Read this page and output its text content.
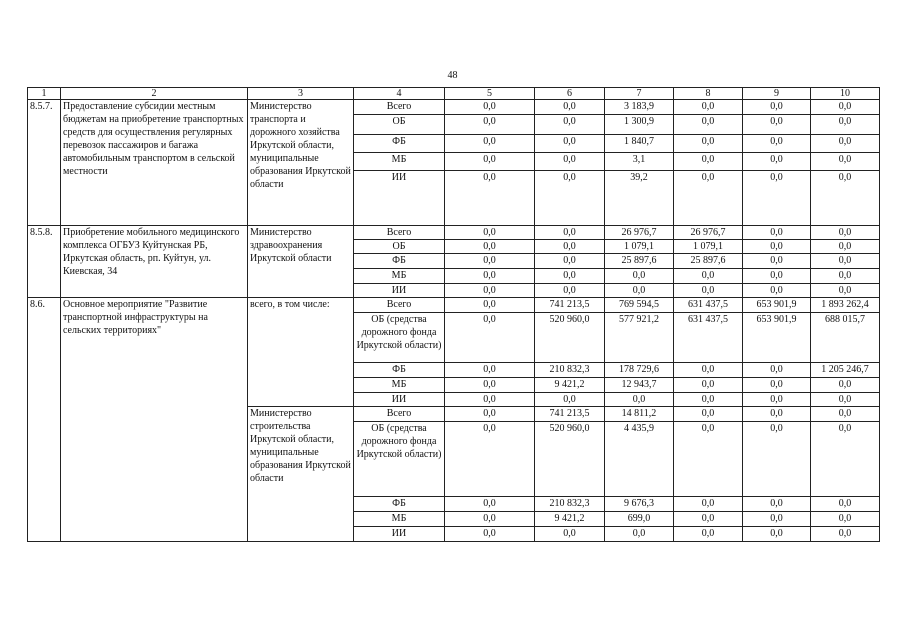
48
1	2	3	4	5	6	7	8	9	10
8.5.7.	Предоставление субсидии местным бюджетам на приобретение транспортных средств для осуществления регулярных перевозок пассажиров и багажа автомобильным транспортом в сельской местности	Министерство транспорта и дорожного хозяйства Иркутской области, муниципальные образования Иркутской области	Всего	0,0	0,0	3 183,9	0,0	0,0	0,0
			ОБ	0,0	0,0	1 300,9	0,0	0,0	0,0
			ФБ	0,0	0,0	1 840,7	0,0	0,0	0,0
			МБ	0,0	0,0	3,1	0,0	0,0	0,0
			ИИ	0,0	0,0	39,2	0,0	0,0	0,0
8.5.8.	Приобретение мобильного медицинского комплекса ОГБУЗ Куйтунская РБ, Иркутская область, рп. Куйтун, ул. Киевская, 34	Министерство здравоохранения Иркутской области	Всего	0,0	0,0	26 976,7	26 976,7	0,0	0,0
			ОБ	0,0	0,0	1 079,1	1 079,1	0,0	0,0
			ФБ	0,0	0,0	25 897,6	25 897,6	0,0	0,0
			МБ	0,0	0,0	0,0	0,0	0,0	0,0
			ИИ	0,0	0,0	0,0	0,0	0,0	0,0
8.6.	Основное мероприятие "Развитие транспортной инфраструктуры на сельских территориях"	всего, в том числе:	Всего	0,0	741 213,5	769 594,5	631 437,5	653 901,9	1 893 262,4
			ОБ (средства дорожного фонда Иркутской области)	0,0	520 960,0	577 921,2	631 437,5	653 901,9	688 015,7
			ФБ	0,0	210 832,3	178 729,6	0,0	0,0	1 205 246,7
			МБ	0,0	9 421,2	12 943,7	0,0	0,0	0,0
			ИИ	0,0	0,0	0,0	0,0	0,0	0,0
		Министерство строительства Иркутской области, муниципальные образования Иркутской области	Всего	0,0	741 213,5	14 811,2	0,0	0,0	0,0
			ОБ (средства дорожного фонда Иркутской области)	0,0	520 960,0	4 435,9	0,0	0,0	0,0
			ФБ	0,0	210 832,3	9 676,3	0,0	0,0	0,0
			МБ	0,0	9 421,2	699,0	0,0	0,0	0,0
			ИИ	0,0	0,0	0,0	0,0	0,0	0,0
